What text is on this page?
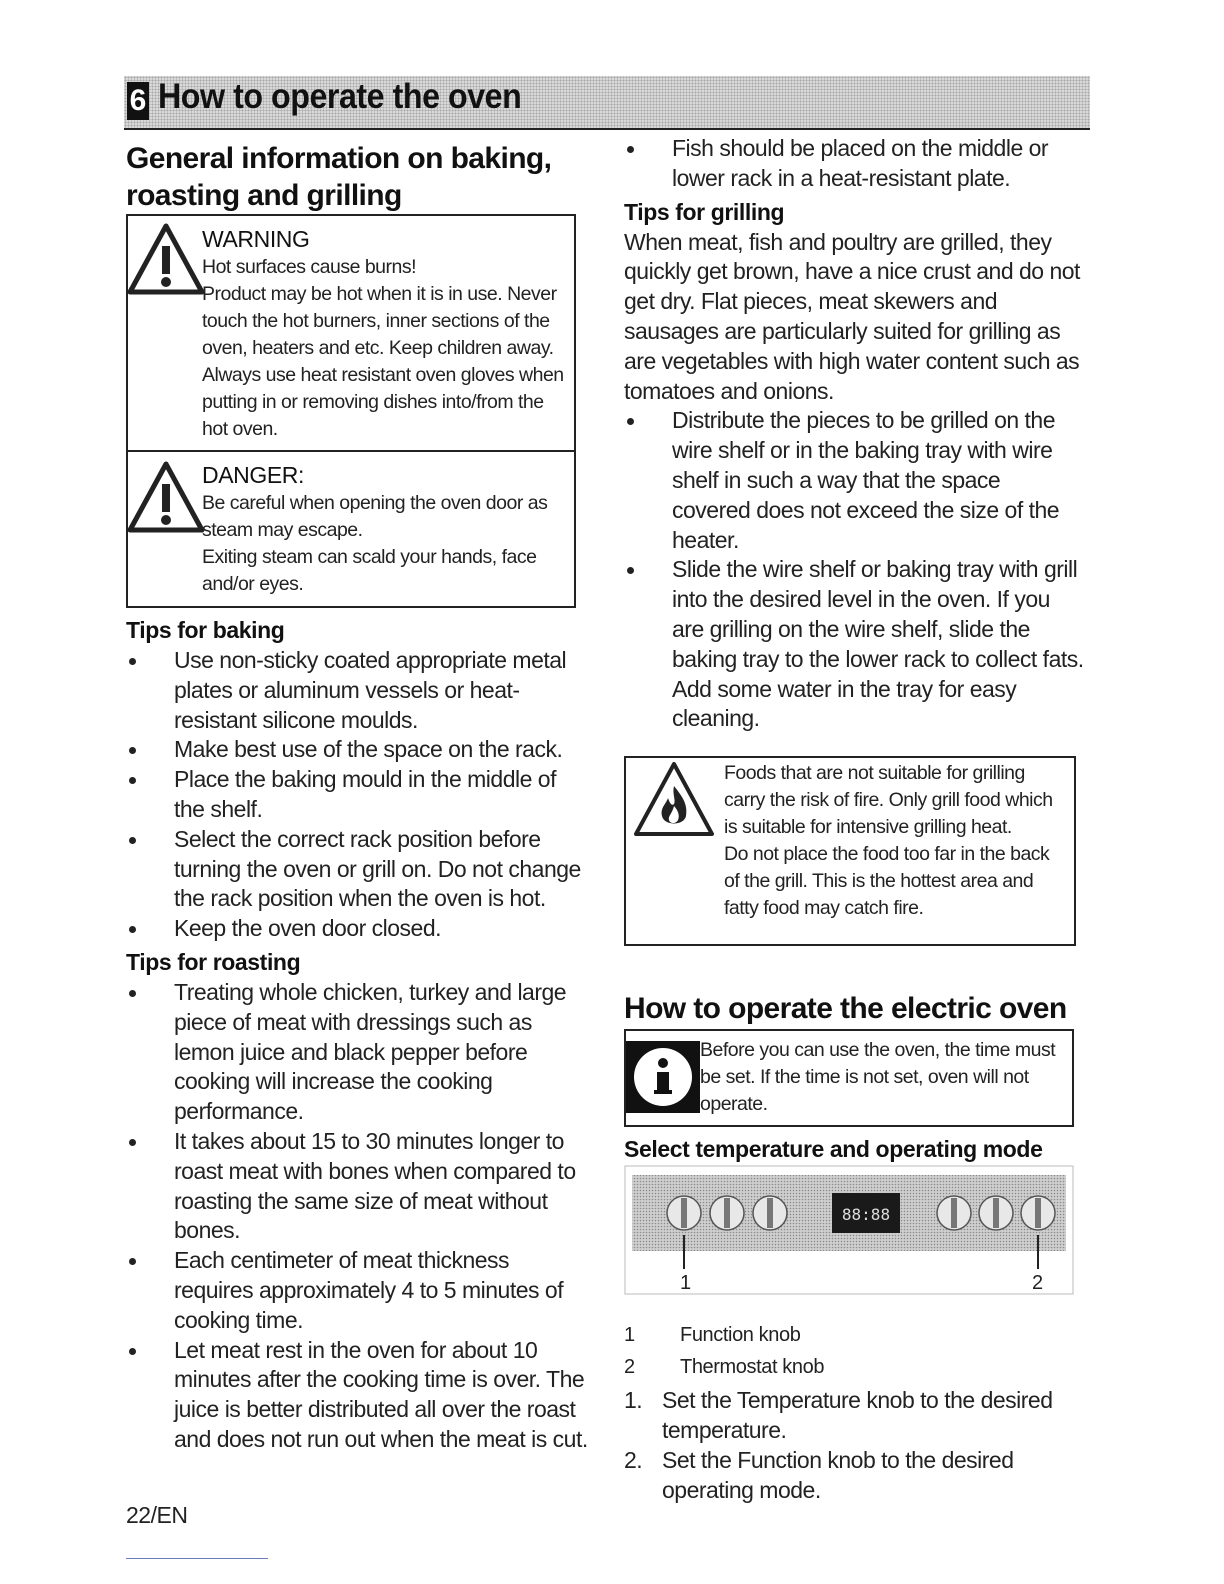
6 How to operate the oven
General information on baking,
roasting and grilling
WARNING
Hot surfaces cause burns!
Product may be hot when it is in use. Never touch the hot burners, inner sections of the oven, heaters and etc. Keep children away. Always use heat resistant oven gloves when putting in or removing dishes into/from the hot oven.
DANGER:
Be careful when opening the oven door as steam may escape.
Exiting steam can scald your hands, face and/or eyes.
Tips for baking
Use non-sticky coated appropriate metal plates or aluminum vessels or heat-resistant silicone moulds.
Make best use of the space on the rack.
Place the baking mould in the middle of the shelf.
Select the correct rack position before turning the oven or grill on. Do not change the rack position when the oven is hot.
Keep the oven door closed.
Tips for roasting
Treating whole chicken, turkey and large piece of meat with dressings such as lemon juice and black pepper before cooking will increase the cooking performance.
It takes about 15 to 30 minutes longer to roast meat with bones when compared to roasting the same size of meat without bones.
Each centimeter of meat thickness requires approximately 4 to 5 minutes of cooking time.
Let meat rest in the oven for about 10 minutes after the cooking time is over. The juice is better distributed all over the roast and does not run out when the meat is cut.
Fish should be placed on the middle or lower rack in a heat-resistant plate.
Tips for grilling
When meat, fish and poultry are grilled, they quickly get brown, have a nice crust and do not get dry. Flat pieces, meat skewers and sausages are particularly suited for grilling as are vegetables with high water content such as tomatoes and onions.
Distribute the pieces to be grilled on the wire shelf or in the baking tray with wire shelf in such a way that the space covered does not exceed the size of the heater.
Slide the wire shelf or baking tray with grill into the desired level in the oven. If you are grilling on the wire shelf, slide the baking tray to the lower rack to collect fats. Add some water in the tray for easy cleaning.
Foods that are not suitable for grilling carry the risk of fire. Only grill food which is suitable for intensive grilling heat.
Do not place the food too far in the back of the grill. This is the hottest area and fatty food may catch fire.
How to operate the electric oven
Before you can use the oven, the time must be set. If the time is not set, oven will not operate.
Select temperature and operating mode
88:88
1	2
1	Function knob
2	Thermostat knob
1. Set the Temperature knob to the desired temperature.
2. Set the Function knob to the desired operating mode.
22/EN
